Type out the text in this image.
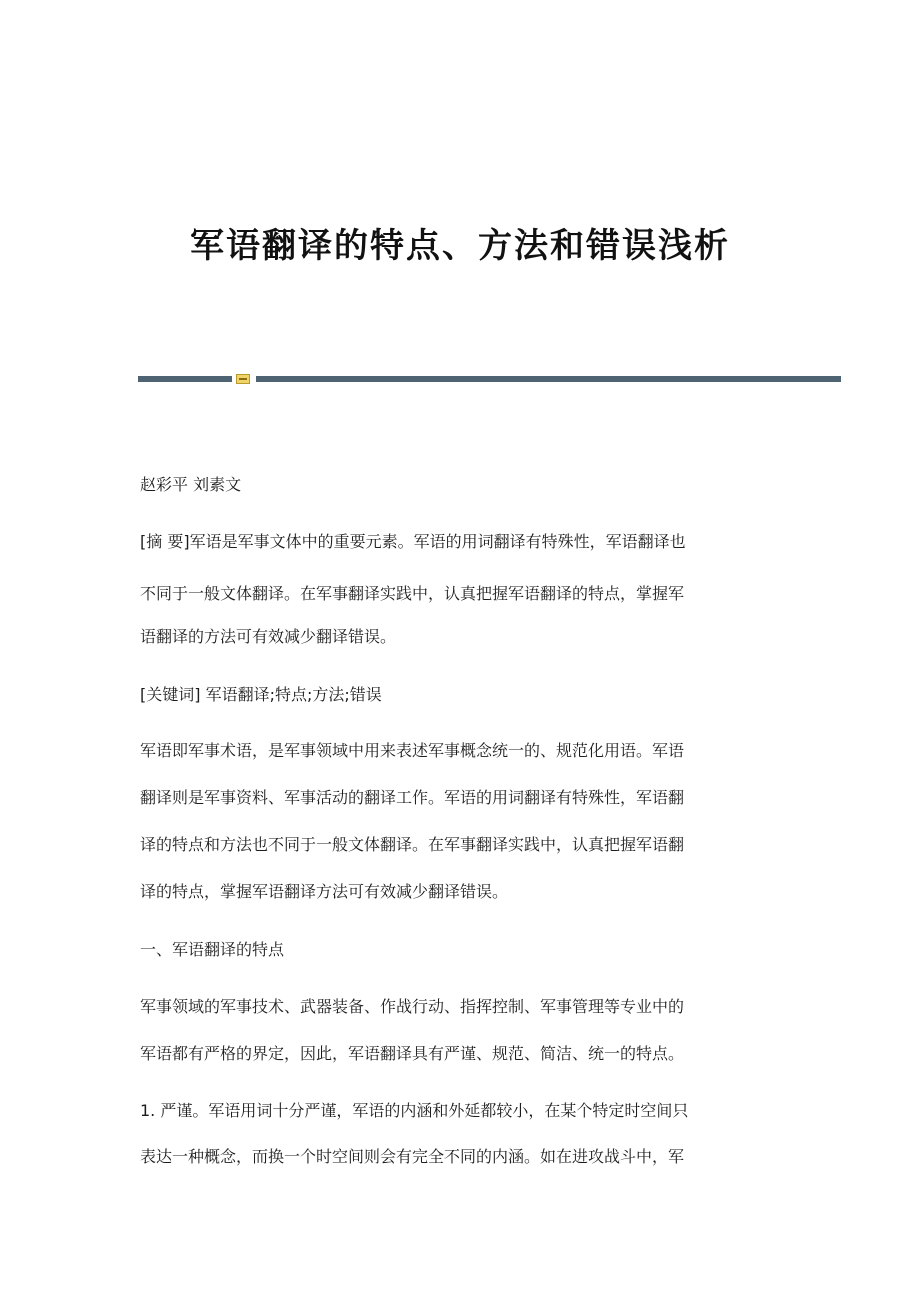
军语翻译的特点、方法和错误浅析
赵彩平 刘素文
[摘 要]军语是军事文体中的重要元素。军语的用词翻译有特殊性，军语翻译也
不同于一般文体翻译。在军事翻译实践中，认真把握军语翻译的特点，掌握军
语翻译的方法可有效减少翻译错误。
[关键词] 军语翻译;特点;方法;错误
军语即军事术语，是军事领域中用来表述军事概念统一的、规范化用语。军语
翻译则是军事资料、军事活动的翻译工作。军语的用词翻译有特殊性，军语翻
译的特点和方法也不同于一般文体翻译。在军事翻译实践中，认真把握军语翻
译的特点，掌握军语翻译方法可有效减少翻译错误。
一、军语翻译的特点
军事领域的军事技术、武器装备、作战行动、指挥控制、军事管理等专业中的
军语都有严格的界定，因此，军语翻译具有严谨、规范、简洁、统一的特点。
1. 严谨。军语用词十分严谨，军语的内涵和外延都较小，在某个特定时空间只
表达一种概念，而换一个时空间则会有完全不同的内涵。如在进攻战斗中，军
